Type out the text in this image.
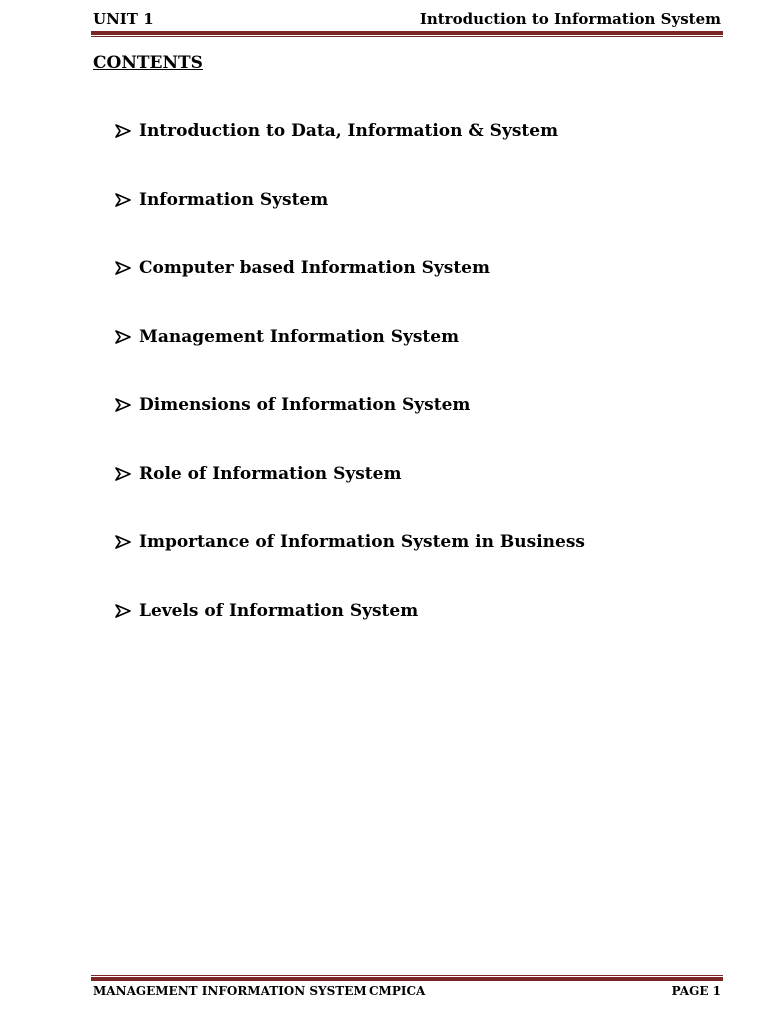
UNIT 1	Introduction to Information System
CONTENTS
Introduction to Data, Information & System
Information System
Computer based Information System
Management Information System
Dimensions of Information System
Role of Information System
Importance of Information System in Business
Levels of Information System
MANAGEMENT INFORMATION SYSTEM CMPICA	PAGE 1
